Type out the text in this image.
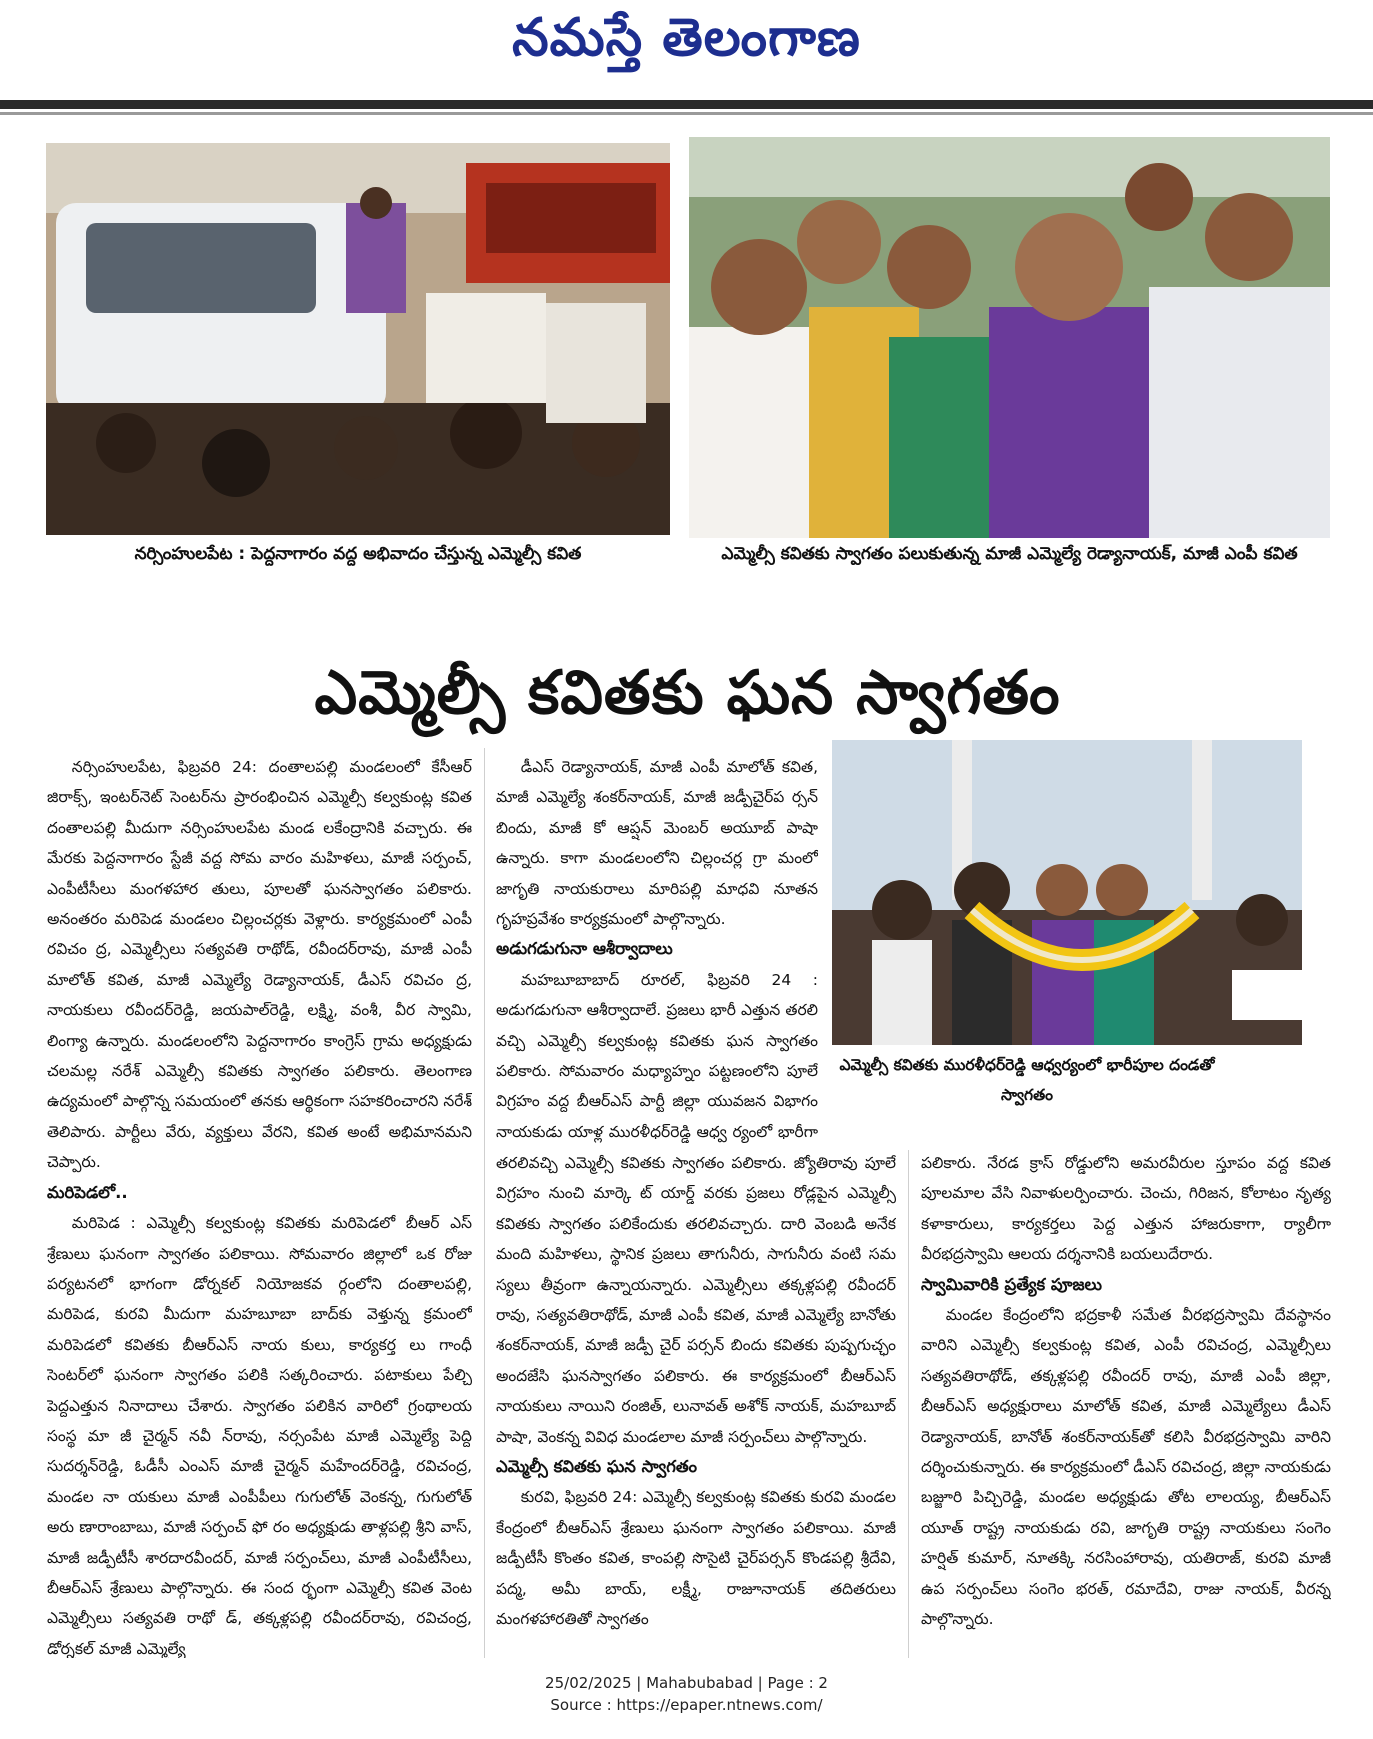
నమస్తే తెలంగాణ
నర్సింహులపేట : పెద్దనాగారం వద్ద అభివాదం చేస్తున్న ఎమ్మెల్సీ కవిత	ఎమ్మెల్సీ కవితకు స్వాగతం పలుకుతున్న మాజీ ఎమ్మెల్యే రెడ్యానాయక్, మాజీ ఎంపీ కవిత
ఎమ్మెల్సీ కవితకు ఘన స్వాగతం
ఎమ్మెల్సీ కవితకు మురళీధర్‌రెడ్డి ఆధ్వర్యంలో భారీపూల దండతో స్వాగతం

నర్సింహులపేట, ఫిబ్రవరి 24: దంతాలపల్లి మండలంలో కేసీఆర్ జిరాక్స్, ఇంటర్‌నెట్ సెంటర్‌ను ప్రారంభించిన ఎమ్మెల్సీ కల్వకుంట్ల కవిత దంతాలపల్లి మీదుగా నర్సింహులపేట మండ లకేంద్రానికి వచ్చారు. ఈ మేరకు పెద్దనాగారం స్టేజీ వద్ద సోమ వారం మహిళలు, మాజీ సర్పంచ్, ఎంపీటీసీలు మంగళహార తులు, పూలతో ఘనస్వాగతం పలికారు. అనంతరం మరిపెడ మండలం చిల్లంచర్లకు వెళ్లారు. కార్యక్రమంలో ఎంపీ రవిచం ద్ర, ఎమ్మెల్సీలు సత్యవతి రాథోడ్, రవీందర్‌రావు, మాజీ ఎంపీ మాలోత్ కవిత, మాజీ ఎమ్మెల్యే రెడ్యానాయక్, డీఎస్ రవిచం ద్ర, నాయకులు రవీందర్‌రెడ్డి, జయపాల్‌రెడ్డి, లక్ష్మి, వంశీ, వీర స్వామి, లింగ్యా ఉన్నారు. మండలంలోని పెద్దనాగారం కాంగ్రెస్ గ్రామ అధ్యక్షుడు చలమల్ల నరేశ్ ఎమ్మెల్సీ కవితకు స్వాగతం పలికారు. తెలంగాణ ఉద్యమంలో పాల్గొన్న సమయంలో తనకు ఆర్థికంగా సహకరించారని నరేశ్ తెలిపారు. పార్టీలు వేరు, వ్యక్తులు వేరని, కవిత అంటే అభిమానమని చెప్పారు.

మరిపెడలో..

మరిపెడ : ఎమ్మెల్సీ కల్వకుంట్ల కవితకు మరిపెడలో బీఆర్ ఎస్ శ్రేణులు ఘనంగా స్వాగతం పలికాయి. సోమవారం జిల్లాలో ఒక రోజు పర్యటనలో భాగంగా డోర్నకల్ నియోజకవ ర్గంలోని దంతాలపల్లి, మరిపెడ, కురవి మీదుగా మహబూబా బాద్‌కు వెళ్తున్న క్రమంలో మరిపెడలో కవితకు బీఆర్ఎస్ నాయ కులు, కార్యకర్త లు గాంధీ సెంటర్‌లో ఘనంగా స్వాగతం పలికి సత్కరించారు. పటాకులు పేల్చి పెద్దఎత్తున నినాదాలు చేశారు. స్వాగతం పలికిన వారిలో గ్రంథాలయ సంస్థ మా జీ చైర్మన్ నవీ న్‌రావు, నర్సంపేట మాజీ ఎమ్మెల్యే పెద్ది సుదర్శన్‌రెడ్డి, ఓడీసీ ఎంఎస్ మాజీ చైర్మన్ మహేందర్‌రెడ్డి, రవిచంద్ర, మండల నా యకులు మాజీ ఎంపీపీలు గుగులోత్ వెంకన్న, గుగులోత్ అరు ణారాంబాబు, మాజీ సర్పంచ్ ఫో రం అధ్యక్షుడు తాళ్లపల్లి శ్రీని వాస్, మాజీ జడ్పీటీసీ శారదారవీందర్, మాజీ సర్పంచ్‌లు, మాజీ ఎంపీటీసీలు, బీఆర్ఎస్ శ్రేణులు పాల్గొన్నారు. ఈ సంద ర్భంగా ఎమ్మెల్సీ కవిత వెంట ఎమ్మెల్సీలు సత్యవతి రాథో డ్, తక్కళ్లపల్లి రవీందర్‌రావు, రవిచంద్ర, డోర్నకల్ మాజీ ఎమ్మెల్యే

డీఎస్ రెడ్యానాయక్, మాజీ ఎంపీ మాలోత్ కవిత, మాజీ ఎమ్మెల్యే శంకర్‌నాయక్, మాజీ జడ్పీచైర్‌ప ర్సన్ బిందు, మాజీ కో ఆప్షన్ మెంబర్ అయూబ్ పాషా ఉన్నారు. కాగా మండలంలోని చిల్లంచర్ల గ్రా మంలో జాగృతి నాయకురాలు మారిపల్లి మాధవి నూతన గృహప్రవేశం కార్యక్రమంలో పాల్గొన్నారు.

అడుగడుగునా ఆశీర్వాదాలు

మహబూబాబాద్ రూరల్, ఫిబ్రవరి 24 : అడుగడుగునా ఆశీర్వాదాలే. ప్రజలు భారీ ఎత్తున తరలి వచ్చి ఎమ్మెల్సీ కల్వకుంట్ల కవితకు ఘన స్వాగతం పలికారు. సోమవారం మధ్యాహ్నం పట్టణంలోని పూలే విగ్రహం వద్ద బీఆర్ఎస్ పార్టీ జిల్లా యువజన విభాగం నాయకుడు యాళ్ల మురళీధర్‌రెడ్డి ఆధ్వ ర్యంలో భారీగా

తరలివచ్చి ఎమ్మెల్సీ కవితకు స్వాగతం పలికారు. జ్యోతిరావు పూలే విగ్రహం నుంచి మార్కె ట్ యార్డ్ వరకు ప్రజలు రోడ్లపైన ఎమ్మెల్సీ కవితకు స్వాగతం పలికేందుకు తరలివచ్చారు. దారి వెంబడి అనేక మంది మహిళలు, స్థానిక ప్రజలు తాగునీరు, సాగునీరు వంటి సమ స్యలు తీవ్రంగా ఉన్నాయన్నారు. ఎమ్మెల్సీలు తక్కళ్లపల్లి రవీందర్ రావు, సత్యవతిరాథోడ్, మాజీ ఎంపీ కవిత, మాజీ ఎమ్మెల్యే బానోతు శంకర్‌నాయక్, మాజీ జడ్పీ చైర్ పర్సన్ బిందు కవితకు పుష్పగుచ్ఛం అందజేసి ఘనస్వాగతం పలికారు. ఈ కార్యక్రమంలో బీఆర్ఎస్ నాయకులు నాయిని రంజిత్, లునావత్ అశోక్ నాయక్, మహబూబ్ పాషా, వెంకన్న వివిధ మండలాల మాజీ సర్పంచ్‌లు పాల్గొన్నారు.

ఎమ్మెల్సీ కవితకు ఘన స్వాగతం

కురవి, ఫిబ్రవరి 24: ఎమ్మెల్సీ కల్వకుంట్ల కవితకు కురవి మండల కేంద్రంలో బీఆర్ఎస్ శ్రేణులు ఘనంగా స్వాగతం పలికాయి. మాజీ జడ్పీటీసీ కొంతం కవిత, కాంపల్లి సొసైటి చైర్‌పర్సన్ కొండపల్లి శ్రీదేవి, పద్మ, అమీ బాయ్, లక్ష్మీ, రాజూనాయక్ తదితరులు మంగళహారతితో స్వాగతం

పలికారు. నేరడ క్రాస్ రోడ్డులోని అమరవీరుల స్తూపం వద్ద కవిత పూలమాల వేసి నివాళులర్పించారు. చెంచు, గిరిజన, కోలాటం నృత్య కళాకారులు, కార్యకర్తలు పెద్ద ఎత్తున హాజరుకాగా, ర్యాలీగా వీరభద్రస్వామి ఆలయ దర్శనానికి బయలుదేరారు.

స్వామివారికి ప్రత్యేక పూజలు

మండల కేంద్రంలోని భద్రకాళీ సమేత వీరభద్రస్వామి దేవస్థానం వారిని ఎమ్మెల్సీ కల్వకుంట్ల కవిత, ఎంపీ రవిచంద్ర, ఎమ్మెల్సీలు సత్యవతిరాథోడ్, తక్కళ్లపల్లి రవీందర్ రావు, మాజీ ఎంపీ జిల్లా, బీఆర్ఎస్ అధ్యక్షురాలు మాలోత్ కవిత, మాజీ ఎమ్మెల్యేలు డీఎస్ రెడ్యానాయక్, బానోత్ శంకర్‌నాయక్‌తో కలిసి వీరభద్రస్వామి వారిని దర్శించుకున్నారు. ఈ కార్యక్రమంలో డీఎస్ రవిచంద్ర, జిల్లా నాయకుడు బజ్జూరి పిచ్చిరెడ్డి, మండల అధ్యక్షుడు తోట లాలయ్య, బీఆర్ఎస్ యూత్ రాష్ట్ర నాయకుడు రవి, జాగృతి రాష్ట్ర నాయకులు సంగెం హర్షిత్ కుమార్, నూతక్కి నరసింహారావు, యతిరాజ్, కురవి మాజీ ఉప సర్పంచ్‌లు సంగెం భరత్, రమాదేవి, రాజు నాయక్, వీరన్న పాల్గొన్నారు.

25/02/2025 | Mahabubabad | Page : 2
Source : https://epaper.ntnews.com/
